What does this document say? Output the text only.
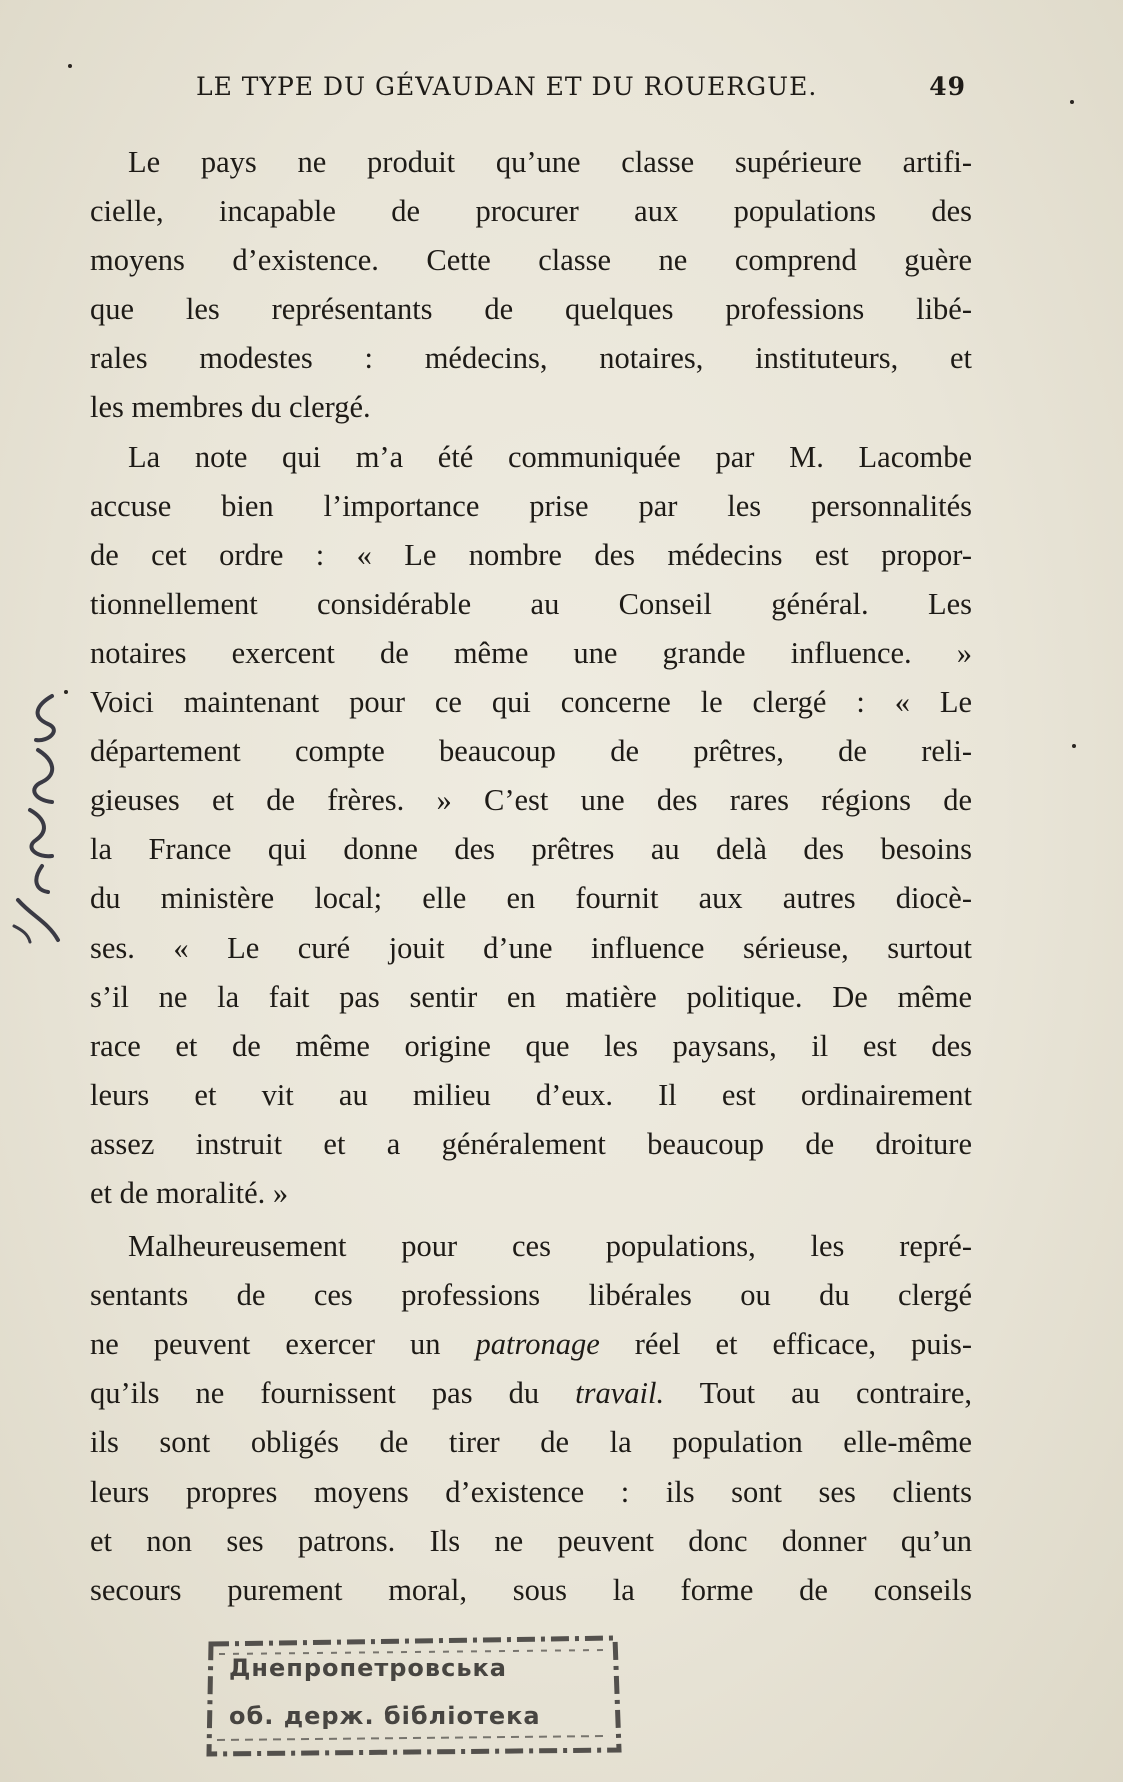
LE TYPE DU GÉVAUDAN ET DU ROUERGUE.	49
Le pays ne produit qu’une classe supérieure artifi-
cielle, incapable de procurer aux populations des
moyens d’existence. Cette classe ne comprend guère
que les représentants de quelques professions libé-
rales modestes : médecins, notaires, instituteurs, et
les membres du clergé.
La note qui m’a été communiquée par M. Lacombe
accuse bien l’importance prise par les personnalités
de cet ordre : « Le nombre des médecins est propor-
tionnellement considérable au Conseil général. Les
notaires exercent de même une grande influence. »
Voici maintenant pour ce qui concerne le clergé : « Le
département compte beaucoup de prêtres, de reli-
gieuses et de frères. » C’est une des rares régions de
la France qui donne des prêtres au delà des besoins
du ministère local; elle en fournit aux autres diocè-
ses. « Le curé jouit d’une influence sérieuse, surtout
s’il ne la fait pas sentir en matière politique. De même
race et de même origine que les paysans, il est des
leurs et vit au milieu d’eux. Il est ordinairement
assez instruit et a généralement beaucoup de droiture
et de moralité. »
Malheureusement pour ces populations, les repré-
sentants de ces professions libérales ou du clergé
ne peuvent exercer un patronage réel et efficace, puis-
qu’ils ne fournissent pas du travail. Tout au contraire,
ils sont obligés de tirer de la population elle-même
leurs propres moyens d’existence : ils sont ses clients
et non ses patrons. Ils ne peuvent donc donner qu’un
secours purement moral, sous la forme de conseils
Днепропетровська
об. держ. бібліотека
